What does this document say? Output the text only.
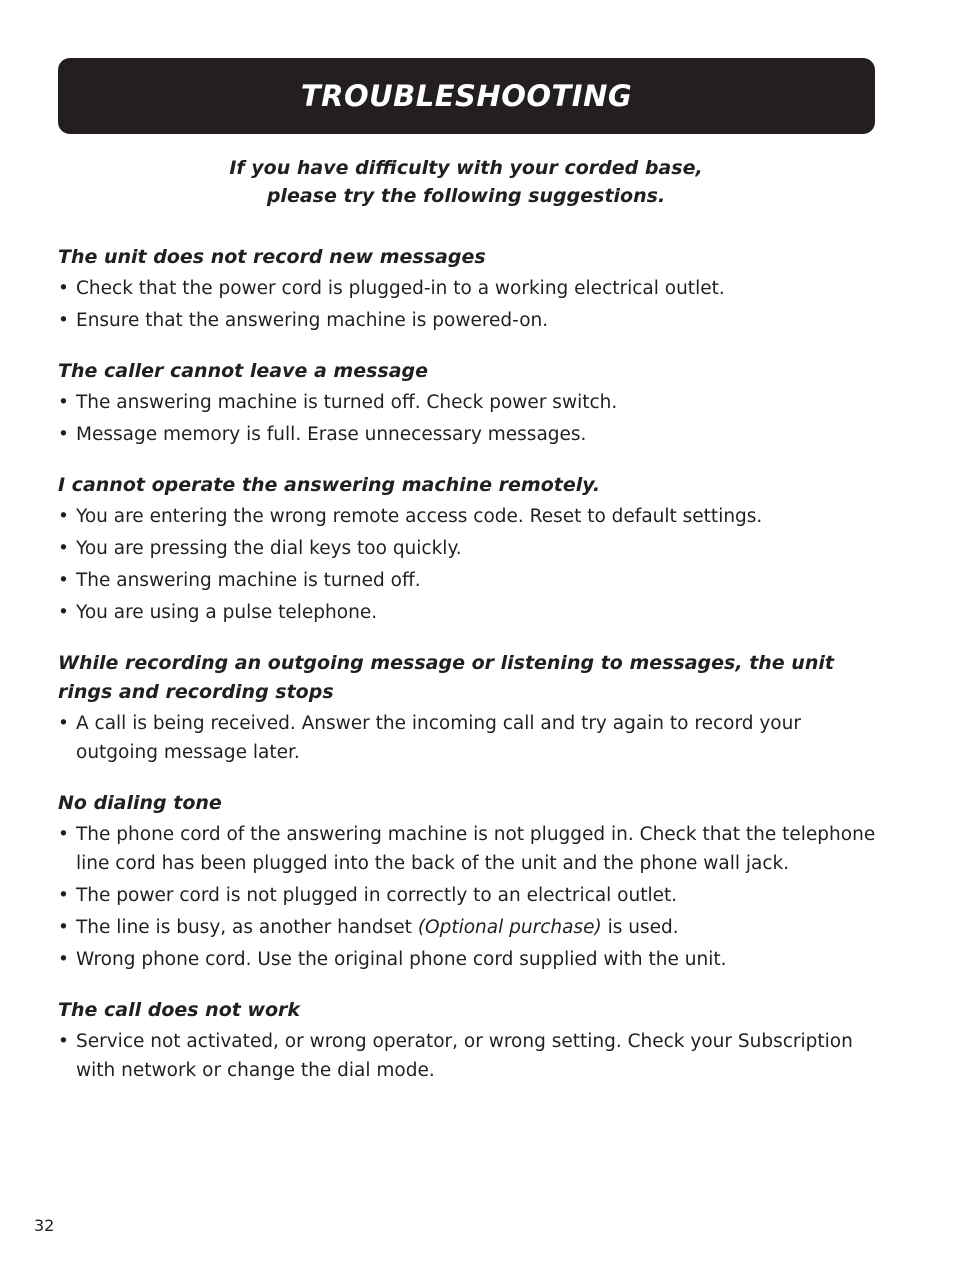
TROUBLESHOOTING
If you have difficulty with your corded base,
please try the following suggestions.
The unit does not record new messages
• Check that the power cord is plugged-in to a working electrical outlet.
• Ensure that the answering machine is powered-on.
The caller cannot leave a message
• The answering machine is turned off. Check power switch.
• Message memory is full. Erase unnecessary messages.
I cannot operate the answering machine remotely.
• You are entering the wrong remote access code. Reset to default settings.
• You are pressing the dial keys too quickly.
• The answering machine is turned off.
• You are using a pulse telephone.
While recording an outgoing message or listening to messages, the unit rings and recording stops
• A call is being received. Answer the incoming call and try again to record your outgoing message later.
No dialing tone
• The phone cord of the answering machine is not plugged in. Check that the telephone line cord has been plugged into the back of the unit and the phone wall jack.
• The power cord is not plugged in correctly to an electrical outlet.
• The line is busy, as another handset (Optional purchase) is used.
• Wrong phone cord. Use the original phone cord supplied with the unit.
The call does not work
• Service not activated, or wrong operator, or wrong setting. Check your Subscription with network or change the dial mode.
32
